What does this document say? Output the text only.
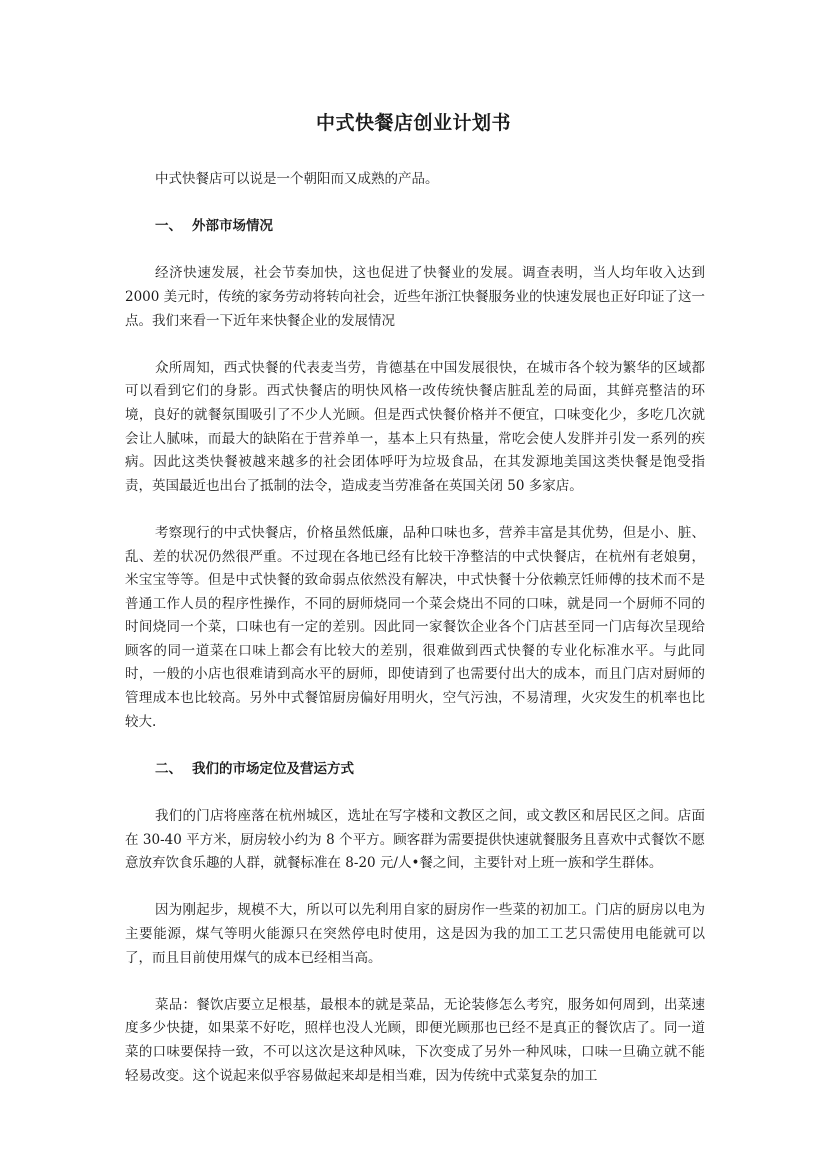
中式快餐店创业计划书

中式快餐店可以说是一个朝阳而又成熟的产品。

一、 外部市场情况

经济快速发展，社会节奏加快，这也促进了快餐业的发展。调查表明，当人均年收入达到 2000 美元时，传统的家务劳动将转向社会，近些年浙江快餐服务业的快速发展也正好印证了这一点。我们来看一下近年来快餐企业的发展情况

众所周知，西式快餐的代表麦当劳，肯德基在中国发展很快，在城市各个较为繁华的区域都可以看到它们的身影。西式快餐店的明快风格一改传统快餐店脏乱差的局面，其鲜亮整洁的环境，良好的就餐氛围吸引了不少人光顾。但是西式快餐价格并不便宜，口味变化少，多吃几次就会让人腻味，而最大的缺陷在于营养单一，基本上只有热量，常吃会使人发胖并引发一系列的疾病。因此这类快餐被越来越多的社会团体呼吁为垃圾食品，在其发源地美国这类快餐是饱受指责，英国最近也出台了抵制的法令，造成麦当劳准备在英国关闭 50 多家店。

考察现行的中式快餐店，价格虽然低廉，品种口味也多，营养丰富是其优势，但是小、脏、乱、差的状况仍然很严重。不过现在各地已经有比较干净整洁的中式快餐店，在杭州有老娘舅，米宝宝等等。但是中式快餐的致命弱点依然没有解决，中式快餐十分依赖烹饪师傅的技术而不是普通工作人员的程序性操作，不同的厨师烧同一个菜会烧出不同的口味，就是同一个厨师不同的时间烧同一个菜，口味也有一定的差别。因此同一家餐饮企业各个门店甚至同一门店每次呈现给顾客的同一道菜在口味上都会有比较大的差别，很难做到西式快餐的专业化标准水平。与此同时，一般的小店也很难请到高水平的厨师，即使请到了也需要付出大的成本，而且门店对厨师的管理成本也比较高。另外中式餐馆厨房偏好用明火，空气污浊，不易清理，火灾发生的机率也比较大.

二、 我们的市场定位及营运方式

我们的门店将座落在杭州城区，选址在写字楼和文教区之间，或文教区和居民区之间。店面在 30-40 平方米，厨房较小约为 8 个平方。顾客群为需要提供快速就餐服务且喜欢中式餐饮不愿意放弃饮食乐趣的人群，就餐标准在 8-20 元/人•餐之间，主要针对上班一族和学生群体。

因为刚起步，规模不大，所以可以先利用自家的厨房作一些菜的初加工。门店的厨房以电为主要能源，煤气等明火能源只在突然停电时使用，这是因为我的加工工艺只需使用电能就可以了，而且目前使用煤气的成本已经相当高。

菜品：餐饮店要立足根基，最根本的就是菜品，无论装修怎么考究，服务如何周到，出菜速度多少快捷，如果菜不好吃，照样也没人光顾，即便光顾那也已经不是真正的餐饮店了。同一道菜的口味要保持一致，不可以这次是这种风味，下次变成了另外一种风味，口味一旦确立就不能轻易改变。这个说起来似乎容易做起来却是相当难，因为传统中式菜复杂的加工
